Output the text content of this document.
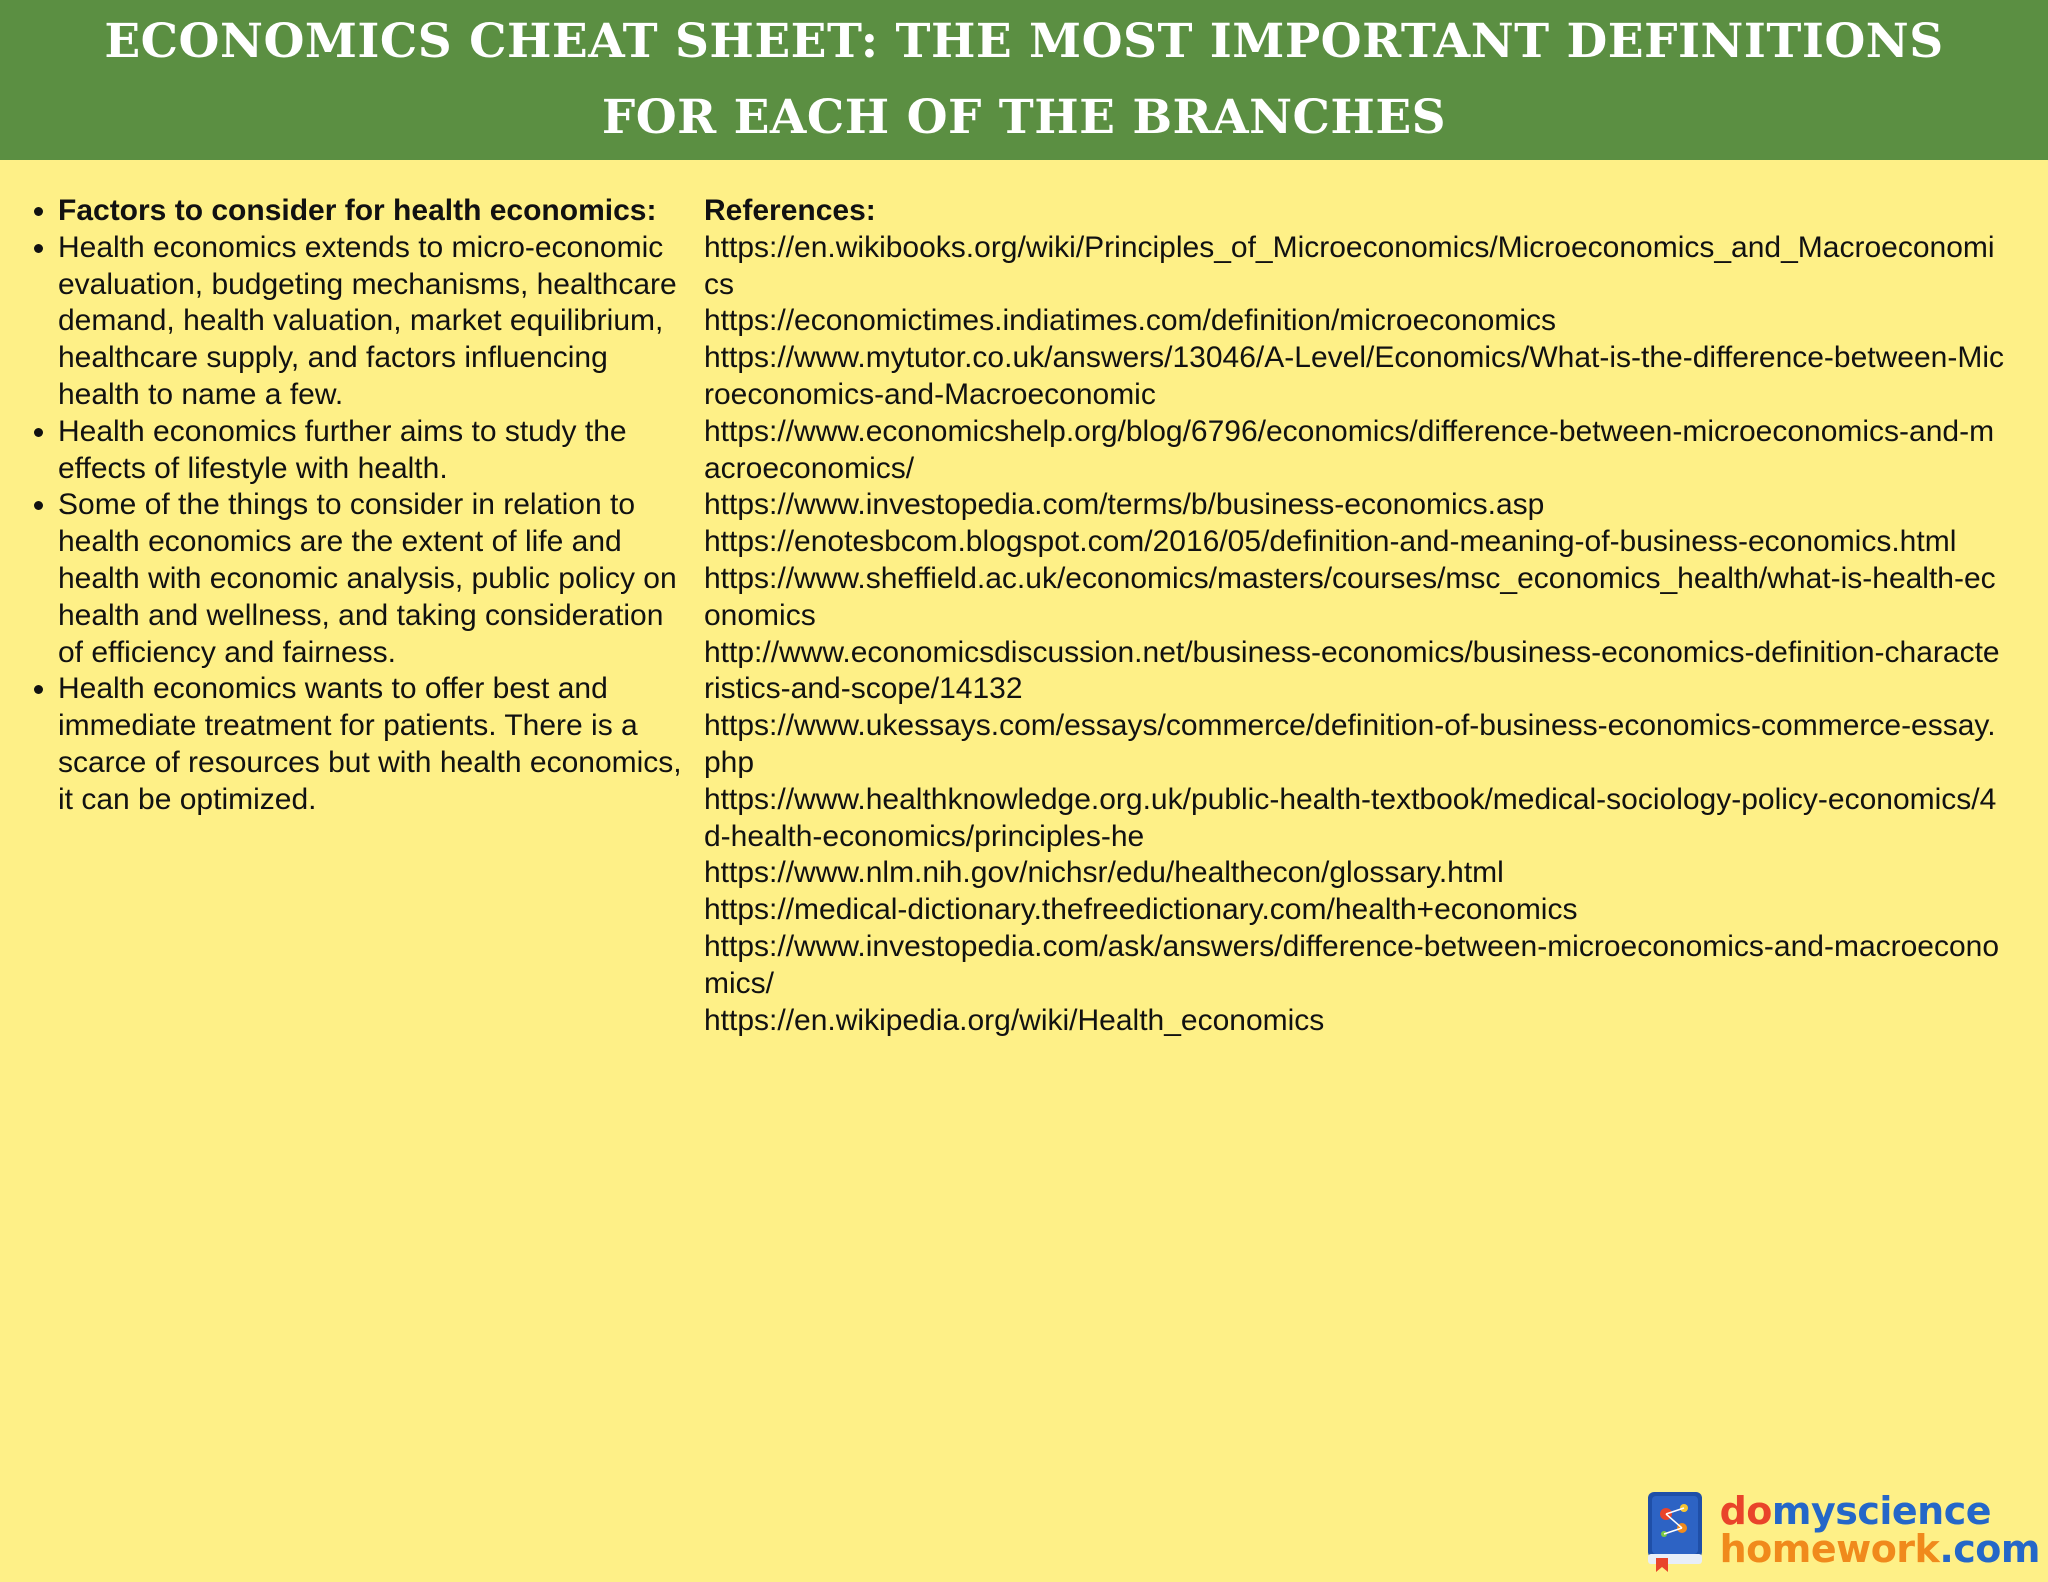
ECONOMICS CHEAT SHEET: THE MOST IMPORTANT DEFINITIONS FOR EACH OF THE BRANCHES
• Factors to consider for health economics:
• Health economics extends to micro-economic evaluation, budgeting mechanisms, healthcare demand, health valuation, market equilibrium, healthcare supply, and factors influencing health to name a few.
• Health economics further aims to study the effects of lifestyle with health.
• Some of the things to consider in relation to health economics are the extent of life and health with economic analysis, public policy on health and wellness, and taking consideration of efficiency and fairness.
• Health economics wants to offer best and immediate treatment for patients. There is a scarce of resources but with health economics, it can be optimized.

References:

https://en.wikibooks.org/wiki/Principles_of_Microeconomics/Microeconomics_and_Macroeconomics
https://economictimes.indiatimes.com/definition/microeconomics
https://www.mytutor.co.uk/answers/13046/A-Level/Economics/What-is-the-difference-between-Microeconomics-and-Macroeconomic
https://www.economicshelp.org/blog/6796/economics/difference-between-microeconomics-and-macroeconomics/
https://www.investopedia.com/terms/b/business-economics.asp
https://enotesbcom.blogspot.com/2016/05/definition-and-meaning-of-business-economics.html
https://www.sheffield.ac.uk/economics/masters/courses/msc_economics_health/what-is-health-economics
http://www.economicsdiscussion.net/business-economics/business-economics-definition-characteristics-and-scope/14132
https://www.ukessays.com/essays/commerce/definition-of-business-economics-commerce-essay.php
https://www.healthknowledge.org.uk/public-health-textbook/medical-sociology-policy-economics/4d-health-economics/principles-he
https://www.nlm.nih.gov/nichsr/edu/healthecon/glossary.html
https://medical-dictionary.thefreedictionary.com/health+economics
https://www.investopedia.com/ask/answers/difference-between-microeconomics-and-macroeconomics/
https://en.wikipedia.org/wiki/Health_economics
domyscience
homework.com
